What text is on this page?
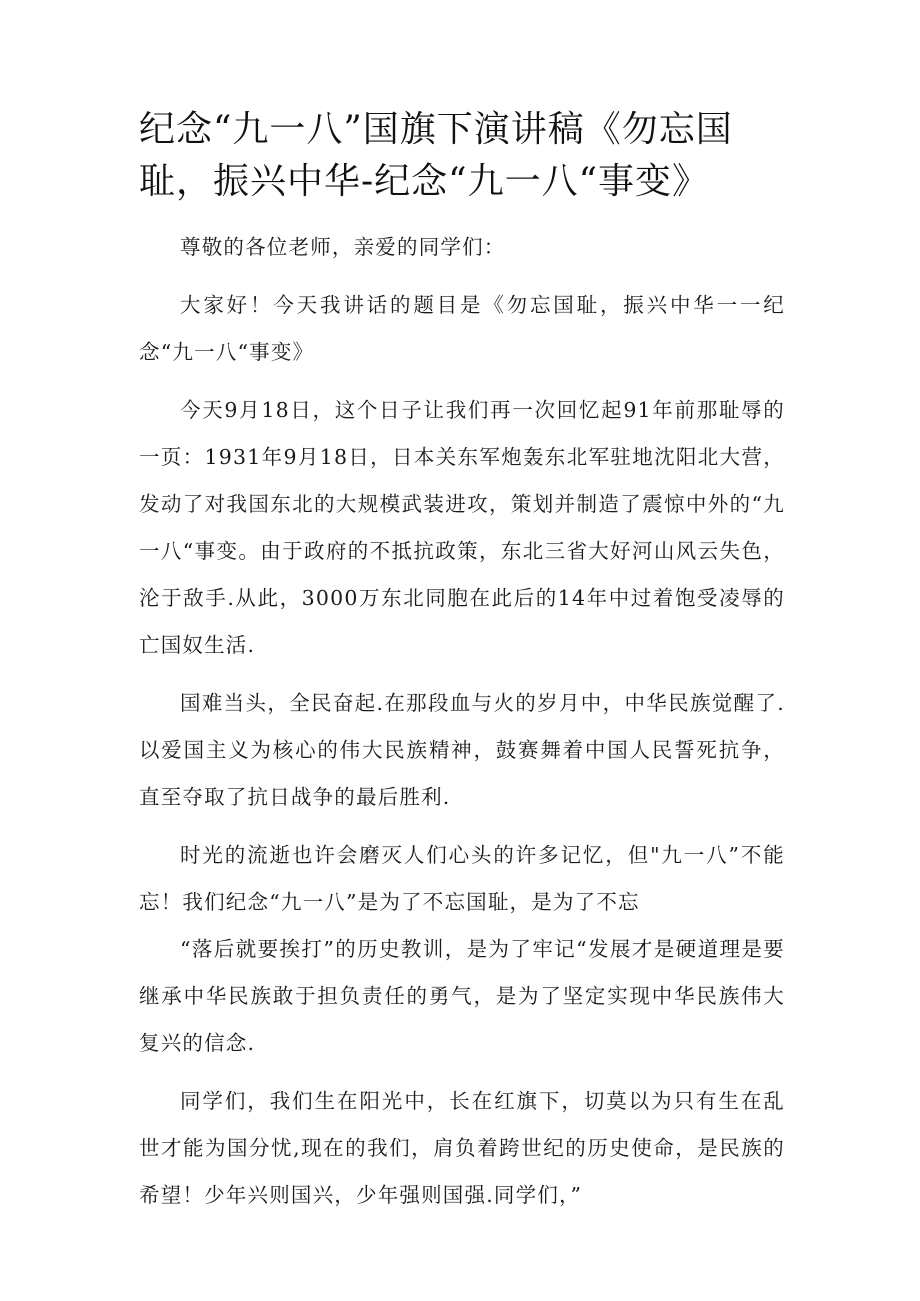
纪念“九一八”国旗下演讲稿《勿忘国耻，振兴中华-纪念“九一八“事变》

尊敬的各位老师，亲爱的同学们：

大家好！今天我讲话的题目是《勿忘国耻，振兴中华一一纪念“九一八“事变》

今天9月18日，这个日子让我们再一次回忆起91年前那耻辱的一页：1931年9月18日，日本关东军炮轰东北军驻地沈阳北大营，发动了对我国东北的大规模武装进攻，策划并制造了震惊中外的“九一八“事变。由于政府的不抵抗政策，东北三省大好河山风云失色，沦于敌手.从此，3000万东北同胞在此后的14年中过着饱受凌辱的亡国奴生活.

国难当头，全民奋起.在那段血与火的岁月中，中华民族觉醒了.以爱国主义为核心的伟大民族精神，鼓赛舞着中国人民誓死抗争，直至夺取了抗日战争的最后胜利.

时光的流逝也许会磨灭人们心头的许多记忆，但"九一八”不能忘！我们纪念“九一八”是为了不忘国耻，是为了不忘

“落后就要挨打”的历史教训，是为了牢记“发展才是硬道理是要继承中华民族敢于担负责任的勇气，是为了坚定实现中华民族伟大复兴的信念.

同学们，我们生在阳光中，长在红旗下，切莫以为只有生在乱世才能为国分忧,现在的我们，肩负着跨世纪的历史使命，是民族的希望！少年兴则国兴，少年强则国强.同学们，”
